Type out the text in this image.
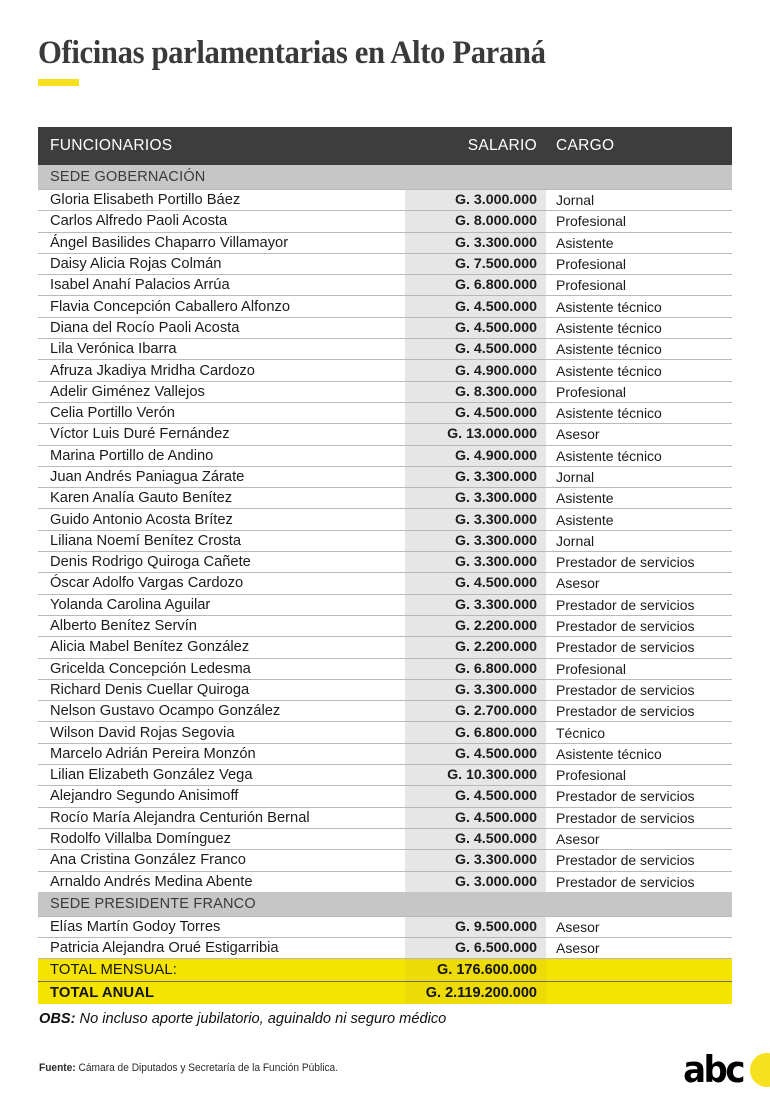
Oficinas parlamentarias en Alto Paraná
FUNCIONARIOS	SALARIO	CARGO
SEDE GOBERNACIÓN
Gloria Elisabeth Portillo Báez	G. 3.000.000	Jornal
Carlos Alfredo Paoli Acosta	G. 8.000.000	Profesional
Ángel Basilides Chaparro Villamayor	G. 3.300.000	Asistente
Daisy Alicia Rojas Colmán	G. 7.500.000	Profesional
Isabel Anahí Palacios Arrúa	G. 6.800.000	Profesional
Flavia Concepción Caballero Alfonzo	G. 4.500.000	Asistente técnico
Diana del Rocío Paoli Acosta	G. 4.500.000	Asistente técnico
Lila Verónica Ibarra	G. 4.500.000	Asistente técnico
Afruza Jkadiya Mridha Cardozo	G. 4.900.000	Asistente técnico
Adelir Giménez Vallejos	G. 8.300.000	Profesional
Celia Portillo Verón	G. 4.500.000	Asistente técnico
Víctor Luis Duré Fernández	G. 13.000.000	Asesor
Marina Portillo de Andino	G. 4.900.000	Asistente técnico
Juan Andrés Paniagua Zárate	G. 3.300.000	Jornal
Karen Analía Gauto Benítez	G. 3.300.000	Asistente
Guido Antonio Acosta Brítez	G. 3.300.000	Asistente
Liliana Noemí Benítez Crosta	G. 3.300.000	Jornal
Denis Rodrigo Quiroga Cañete	G. 3.300.000	Prestador de servicios
Óscar Adolfo Vargas Cardozo	G. 4.500.000	Asesor
Yolanda Carolina Aguilar	G. 3.300.000	Prestador de servicios
Alberto Benítez Servín	G. 2.200.000	Prestador de servicios
Alicia Mabel Benítez González	G. 2.200.000	Prestador de servicios
Gricelda Concepción Ledesma	G. 6.800.000	Profesional
Richard Denis Cuellar Quiroga	G. 3.300.000	Prestador de servicios
Nelson Gustavo Ocampo González	G. 2.700.000	Prestador de servicios
Wilson David Rojas Segovia	G. 6.800.000	Técnico
Marcelo Adrián Pereira Monzón	G. 4.500.000	Asistente técnico
Lilian Elizabeth González Vega	G. 10.300.000	Profesional
Alejandro Segundo Anisimoff	G. 4.500.000	Prestador de servicios
Rocío María Alejandra Centurión Bernal	G. 4.500.000	Prestador de servicios
Rodolfo Villalba Domínguez	G. 4.500.000	Asesor
Ana Cristina González Franco	G. 3.300.000	Prestador de servicios
Arnaldo Andrés Medina Abente	G. 3.000.000	Prestador de servicios
SEDE PRESIDENTE FRANCO
Elías Martín Godoy Torres	G. 9.500.000	Asesor
Patricia Alejandra Orué Estigarribia	G. 6.500.000	Asesor
TOTAL MENSUAL:	G. 176.600.000
TOTAL ANUAL	G. 2.119.200.000
OBS: No incluso aporte jubilatorio, aguinaldo ni seguro médico
Fuente: Cámara de Diputados y Secretaría de la Función Pública.	abc
